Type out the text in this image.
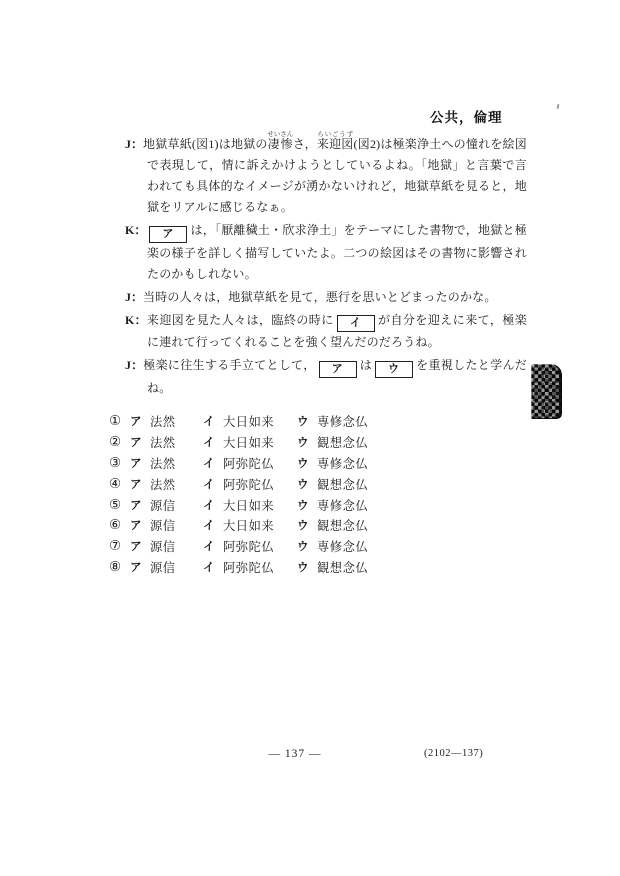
公共，倫理

J：地獄草紙(図1)は地獄の凄惨せいさんさ，来迎図らいごうず(図2)は極楽浄土への憧れを絵図で表現して，情に訴えかけようとしているよね。「地獄」と言葉で言われても具体的なイメージが湧かないけれど，地獄草紙を見ると，地獄をリアルに感じるなぁ。

K： ア は，「厭離穢土・欣求浄土」をテーマにした書物で，地獄と極楽の様子を詳しく描写していたよ。二つの絵図はその書物に影響されたのかもしれない。

J：当時の人々は，地獄草紙を見て，悪行を思いとどまったのかな。

K：来迎図を見た人々は，臨終の時に イ が自分を迎えに来て，極楽に連れて行ってくれることを強く望んだのだろうね。

J：極楽に往生する手立てとして， ア は ウ を重視したと学んだね。

① ア 法然	イ 大日如来	ウ 専修念仏
② ア 法然	イ 大日如来	ウ 観想念仏
③ ア 法然	イ 阿弥陀仏	ウ 専修念仏
④ ア 法然	イ 阿弥陀仏	ウ 観想念仏
⑤ ア 源信	イ 大日如来	ウ 専修念仏
⑥ ア 源信	イ 大日如来	ウ 観想念仏
⑦ ア 源信	イ 阿弥陀仏	ウ 専修念仏
⑧ ア 源信	イ 阿弥陀仏	ウ 観想念仏
— 137 —	(2102—137)
